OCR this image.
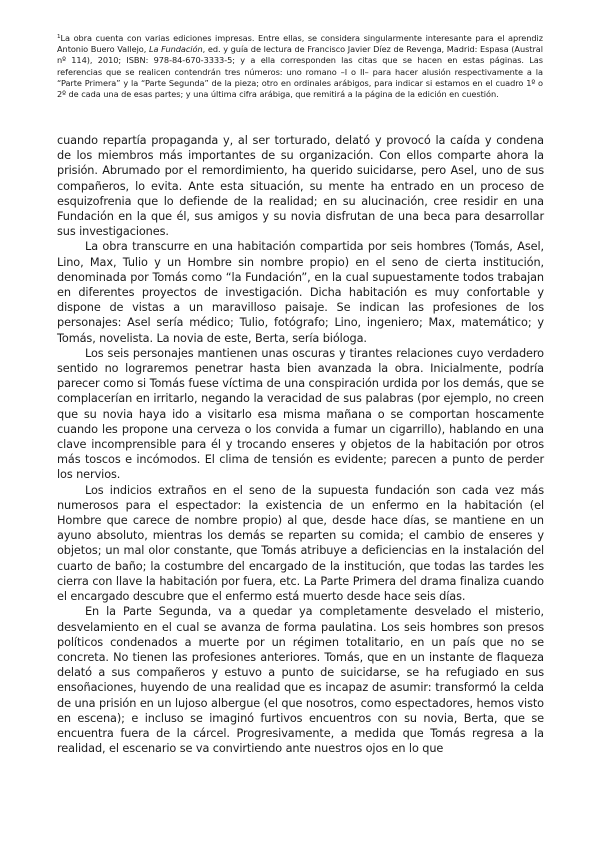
$^1$La obra cuenta con varias ediciones impresas. Entre ellas, se considera singularmente interesante para el aprendiz Antonio Buero Vallejo, La Fundación, ed. y guía de lectura de Francisco Javier Díez de Revenga, Madrid: Espasa (Austral nº 114), 2010; ISBN: 978-84-670-3333-5; y a ella corresponden las citas que se hacen en estas páginas. Las referencias que se realicen contendrán tres números: uno romano –I o II– para hacer alusión respectivamente a la “Parte Primera” y la “Parte Segunda” de la pieza; otro en ordinales arábigos, para indicar si estamos en el cuadro 1º o 2º de cada una de esas partes; y una última cifra arábiga, que remitirá a la página de la edición en cuestión.

cuando repartía propaganda y, al ser torturado, delató y provocó la caída y condena de los miembros más importantes de su organización. Con ellos comparte ahora la prisión. Abrumado por el remordimiento, ha querido suicidarse, pero Asel, uno de sus compañeros, lo evita. Ante esta situación, su mente ha entrado en un proceso de esquizofrenia que lo defiende de la realidad; en su alucinación, cree residir en una Fundación en la que él, sus amigos y su novia disfrutan de una beca para desarrollar sus investigaciones.

La obra transcurre en una habitación compartida por seis hombres (Tomás, Asel, Lino, Max, Tulio y un Hombre sin nombre propio) en el seno de cierta institución, denominada por Tomás como “la Fundación”, en la cual supuestamente todos trabajan en diferentes proyectos de investigación. Dicha habitación es muy confortable y dispone de vistas a un maravilloso paisaje. Se indican las profesiones de los personajes: Asel sería médico; Tulio, fotógrafo; Lino, ingeniero; Max, matemático; y Tomás, novelista. La novia de este, Berta, sería bióloga.

Los seis personajes mantienen unas oscuras y tirantes relaciones cuyo verdadero sentido no lograremos penetrar hasta bien avanzada la obra. Inicialmente, podría parecer como si Tomás fuese víctima de una conspiración urdida por los demás, que se complacerían en irritarlo, negando la veracidad de sus palabras (por ejemplo, no creen que su novia haya ido a visitarlo esa misma mañana o se comportan hoscamente cuando les propone una cerveza o los convida a fumar un cigarrillo), hablando en una clave incomprensible para él y trocando enseres y objetos de la habitación por otros más toscos e incómodos. El clima de tensión es evidente; parecen a punto de perder los nervios.

Los indicios extraños en el seno de la supuesta fundación son cada vez más numerosos para el espectador: la existencia de un enfermo en la habitación (el Hombre que carece de nombre propio) al que, desde hace días, se mantiene en un ayuno absoluto, mientras los demás se reparten su comida; el cambio de enseres y objetos; un mal olor constante, que Tomás atribuye a deficiencias en la instalación del cuarto de baño; la costumbre del encargado de la institución, que todas las tardes les cierra con llave la habitación por fuera, etc. La Parte Primera del drama finaliza cuando el encargado descubre que el enfermo está muerto desde hace seis días.

En la Parte Segunda, va a quedar ya completamente desvelado el misterio, desvelamiento en el cual se avanza de forma paulatina. Los seis hombres son presos políticos condenados a muerte por un régimen totalitario, en un país que no se concreta. No tienen las profesiones anteriores. Tomás, que en un instante de flaqueza delató a sus compañeros y estuvo a punto de suicidarse, se ha refugiado en sus ensoñaciones, huyendo de una realidad que es incapaz de asumir: transformó la celda de una prisión en un lujoso albergue (el que nosotros, como espectadores, hemos visto en escena); e incluso se imaginó furtivos encuentros con su novia, Berta, que se encuentra fuera de la cárcel. Progresivamente, a medida que Tomás regresa a la realidad, el escenario se va convirtiendo ante nuestros ojos en lo que
